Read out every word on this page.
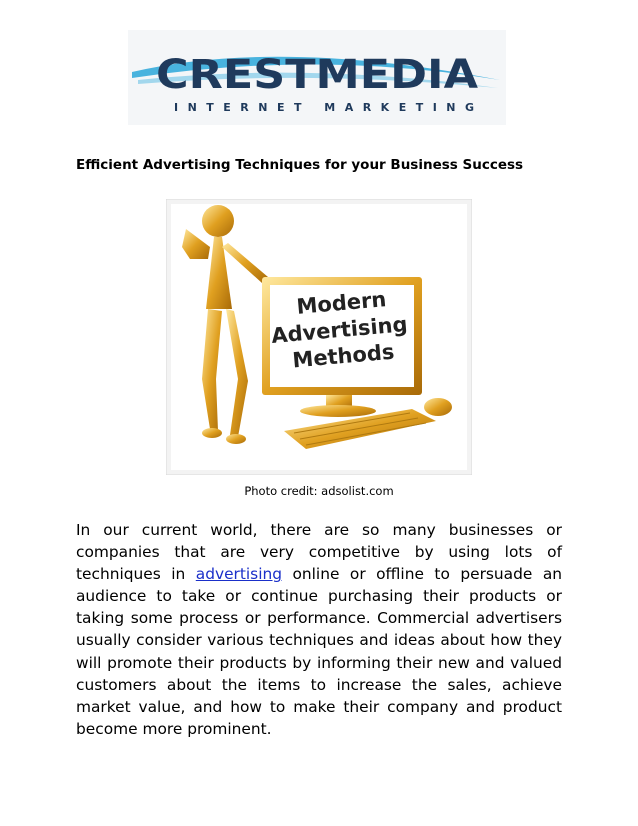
CRESTMEDIA
INTERNET MARKETING
Efficient Advertising Techniques for your Business Success
Modern
Advertising
Methods
Photo credit: adsolist.com

In our current world, there are so many businesses or companies that are very competitive by using lots of techniques in advertising online or offline to persuade an audience to take or continue purchasing their products or taking some process or performance. Commercial advertisers usually consider various techniques and ideas about how they will promote their products by informing their new and valued customers about the items to increase the sales, achieve market value, and how to make their company and product become more prominent.
